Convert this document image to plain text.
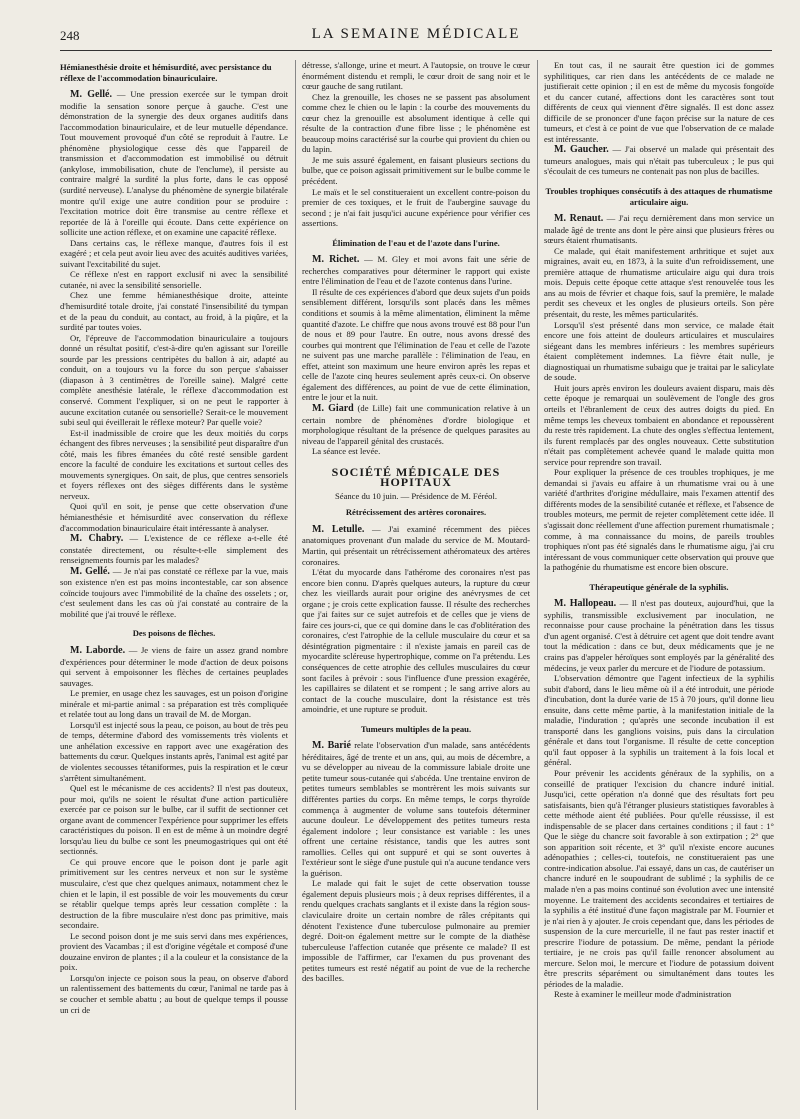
248	LA SEMAINE MÉDICALE

Hémianesthésie droite et hémisurdité, avec persistance du réflexe de l'accommodation binauriculaire.

M. Gellé. — Une pression exercée sur le tympan droit modifie la sensation sonore perçue à gauche. C'est une démonstration de la synergie des deux organes auditifs dans l'accommodation binauriculaire, et de leur mutuelle dépendance. Tout mouvement provoqué d'un côté se reproduit à l'autre. Le phénomène physiologique cesse dès que l'appareil de transmission et d'accommodation est immobilisé ou détruit (ankylose, immobilisation, chute de l'enclume), il persiste au contraire malgré la surdité la plus forte, dans le cas opposé (surdité nerveuse). L'analyse du phénomène de synergie bilatérale montre qu'il exige une autre condition pour se produire : l'excitation motrice doit être transmise au centre réflexe et reportée de là à l'oreille qui écoute. Dans cette expérience on sollicite une action réflexe, et on examine une capacité réflexe.

Dans certains cas, le réflexe manque, d'autres fois il est exagéré ; et cela peut avoir lieu avec des acuités auditives variées, suivant l'excitabilité du sujet.

Ce réflexe n'est en rapport exclusif ni avec la sensibilité cutanée, ni avec la sensibilité sensorielle.

Chez une femme hémianesthésique droite, atteinte d'hemisurdité totale droite, j'ai constaté l'insensibilité du tympan et de la peau du conduit, au contact, au froid, à la piqûre, et la surdité par toutes voies.

Or, l'épreuve de l'accommodation binauriculaire a toujours donné un résultat positif, c'est-à-dire qu'en agissant sur l'oreille sourde par les pressions centripètes du ballon à air, adapté au conduit, on a toujours vu la force du son perçue s'abaisser (diapason à 3 centimètres de l'oreille saine). Malgré cette complète anesthésie latérale, le réflexe d'accommodation est conservé. Comment l'expliquer, si on ne peut le rapporter à aucune excitation cutanée ou sensorielle? Serait-ce le mouvement subi seul qui éveillerait le réflexe moteur? Par quelle voie?

Est-il inadmissible de croire que les deux moitiés du corps échangent des fibres nerveuses ; la sensibilité peut disparaître d'un côté, mais les fibres émanées du côté resté sensible gardent encore la faculté de conduire les excitations et surtout celles des mouvements synergiques. On sait, de plus, que centres sensoriels et foyers réflexes ont des sièges différents dans le système nerveux.

Quoi qu'il en soit, je pense que cette observation d'une hémianesthésie et hémisurdité avec conservation du réflexe d'accommodation binauriculaire était intéressante à analyser.

M. Chabry. — L'existence de ce réflexe a-t-elle été constatée directement, ou résulte-t-elle simplement des renseignements fournis par les malades?

M. Gellé. — Je n'ai pas constaté ce réflexe par la vue, mais son existence n'en est pas moins incontestable, car son absence coïncide toujours avec l'immobilité de la chaîne des osselets ; or, c'est seulement dans les cas où j'ai constaté au contraire de la mobilité que j'ai trouvé le réflexe.

Des poisons de flèches.

M. Laborde. — Je viens de faire un assez grand nombre d'expériences pour déterminer le mode d'action de deux poisons qui servent à empoisonner les flèches de certaines peuplades sauvages.

Le premier, en usage chez les sauvages, est un poison d'origine minérale et mi-partie animal : sa préparation est très compliquée et relatée tout au long dans un travail de M. de Morgan.

Lorsqu'il est injecté sous la peau, ce poison, au bout de très peu de temps, détermine d'abord des vomissements très violents et une anhélation excessive en rapport avec une exagération des battements du cœur. Quelques instants après, l'animal est agité par de violentes secousses tétaniformes, puis la respiration et le cœur s'arrêtent simultanément.

Quel est le mécanisme de ces accidents? Il n'est pas douteux, pour moi, qu'ils ne soient le résultat d'une action particulière exercée par ce poison sur le bulbe, car il suffit de sectionner cet organe avant de commencer l'expérience pour supprimer les effets caractéristiques du poison. Il en est de même à un moindre degré lorsqu'au lieu du bulbe ce sont les pneumogastriques qui ont été sectionnés.

Ce qui prouve encore que le poison dont je parle agit primitivement sur les centres nerveux et non sur le système musculaire, c'est que chez quelques animaux, notamment chez le chien et le lapin, il est possible de voir les mouvements du cœur se rétablir quelque temps après leur cessation complète : la destruction de la fibre musculaire n'est donc pas primitive, mais secondaire.

Le second poison dont je me suis servi dans mes expériences, provient des Vacambas ; il est d'origine végétale et composé d'une douzaine environ de plantes ; il a la couleur et la consistance de la poix.

Lorsqu'on injecte ce poison sous la peau, on observe d'abord un ralentissement des battements du cœur, l'animal ne tarde pas à se coucher et semble abattu ; au bout de quelque temps il pousse un cri de

détresse, s'allonge, urine et meurt. A l'autopsie, on trouve le cœur énormément distendu et rempli, le cœur droit de sang noir et le cœur gauche de sang rutilant.

Chez la grenouille, les choses ne se passent pas absolument comme chez le chien ou le lapin : la courbe des mouvements du cœur chez la grenouille est absolument identique à celle qui résulte de la contraction d'une fibre lisse ; le phénomène est beaucoup moins caractérisé sur la courbe qui provient du chien ou du lapin.

Je me suis assuré également, en faisant plusieurs sections du bulbe, que ce poison agissait primitivement sur le bulbe comme le précédent.

Le maïs et le sel constitueraient un excellent contre-poison du premier de ces toxiques, et le fruit de l'aubergine sauvage du second ; je n'ai fait jusqu'ici aucune expérience pour vérifier ces assertions.

Élimination de l'eau et de l'azote dans l'urine.

M. Richet. — M. Gley et moi avons fait une série de recherches comparatives pour déterminer le rapport qui existe entre l'élimination de l'eau et de l'azote contenus dans l'urine.

Il résulte de ces expériences d'abord que deux sujets d'un poids sensiblement différent, lorsqu'ils sont placés dans les mêmes conditions et soumis à la même alimentation, éliminent la même quantité d'azote. Le chiffre que nous avons trouvé est 88 pour l'un de nous et 89 pour l'autre. En outre, nous avons dressé des courbes qui montrent que l'élimination de l'eau et celle de l'azote ne suivent pas une marche parallèle : l'élimination de l'eau, en effet, atteint son maximum une heure environ après les repas et celle de l'azote cinq heures seulement après ceux-ci. On observe également des différences, au point de vue de cette élimination, entre le jour et la nuit.

M. Giard (de Lille) fait une communication relative à un certain nombre de phénomènes d'ordre biologique et morphologique résultant de la présence de quelques parasites au niveau de l'appareil génital des crustacés.

La séance est levée.

SOCIÉTÉ MÉDICALE DES HOPITAUX

Séance du 10 juin. — Présidence de M. Féréol.

Rétrécissement des artères coronaires.

M. Letulle. — J'ai examiné récemment des pièces anatomiques provenant d'un malade du service de M. Moutard-Martin, qui présentait un rétrécissement athéromateux des artères coronaires.

L'état du myocarde dans l'athérome des coronaires n'est pas encore bien connu. D'après quelques auteurs, la rupture du cœur chez les vieillards aurait pour origine des anévrysmes de cet organe ; je crois cette explication fausse. Il résulte des recherches que j'ai faites sur ce sujet autrefois et de celles que je viens de faire ces jours-ci, que ce qui domine dans le cas d'oblitération des coronaires, c'est l'atrophie de la cellule musculaire du cœur et sa désintégration pigmentaire : il n'existe jamais en pareil cas de myocardite scléreuse hypertrophique, comme on l'a prétendu. Les conséquences de cette atrophie des cellules musculaires du cœur sont faciles à prévoir : sous l'influence d'une pression exagérée, les capillaires se dilatent et se rompent ; le sang arrive alors au contact de la couche musculaire, dont la résistance est très amoindrie, et une rupture se produit.

Tumeurs multiples de la peau.

M. Barié relate l'observation d'un malade, sans antécédents héréditaires, âgé de trente et un ans, qui, au mois de décembre, a vu se développer au niveau de la commissure labiale droite une petite tumeur sous-cutanée qui s'abcéda. Une trentaine environ de petites tumeurs semblables se montrèrent les mois suivants sur différentes parties du corps. En même temps, le corps thyroïde commença à augmenter de volume sans toutefois déterminer aucune douleur. Le développement des petites tumeurs resta également indolore ; leur consistance est variable : les unes offrent une certaine résistance, tandis que les autres sont ramollies. Celles qui ont suppuré et qui se sont ouvertes à l'extérieur sont le siège d'une pustule qui n'a aucune tendance vers la guérison.

Le malade qui fait le sujet de cette observation tousse également depuis plusieurs mois ; à deux reprises différentes, il a rendu quelques crachats sanglants et il existe dans la région sous-claviculaire droite un certain nombre de râles crépitants qui dénotent l'existence d'une tuberculose pulmonaire au premier degré. Doit-on également mettre sur le compte de la diathèse tuberculeuse l'affection cutanée que présente ce malade? Il est impossible de l'affirmer, car l'examen du pus provenant des petites tumeurs est resté négatif au point de vue de la recherche des bacilles.

En tout cas, il ne saurait être question ici de gommes syphilitiques, car rien dans les antécédents de ce malade ne justifierait cette opinion ; il en est de même du mycosis fongoïde et du cancer cutané, affections dont les caractères sont tout différents de ceux qui viennent d'être signalés. Il est donc assez difficile de se prononcer d'une façon précise sur la nature de ces tumeurs, et c'est à ce point de vue que l'observation de ce malade est intéressante.

M. Gaucher. — J'ai observé un malade qui présentait des tumeurs analogues, mais qui n'était pas tuberculeux ; le pus qui s'écoulait de ces tumeurs ne contenait pas non plus de bacilles.

Troubles trophiques consécutifs à des attaques de rhumatisme articulaire aigu.

M. Renaut. — J'ai reçu dernièrement dans mon service un malade âgé de trente ans dont le père ainsi que plusieurs frères ou sœurs étaient rhumatisants.

Ce malade, qui était manifestement arthritique et sujet aux migraines, avait eu, en 1873, à la suite d'un refroidissement, une première attaque de rhumatisme articulaire aigu qui dura trois mois. Depuis cette époque cette attaque s'est renouvelée tous les ans au mois de février et chaque fois, sauf la première, le malade perdit ses cheveux et les ongles de plusieurs orteils. Son père présentait, du reste, les mêmes particularités.

Lorsqu'il s'est présenté dans mon service, ce malade était encore une fois atteint de douleurs articulaires et musculaires siégeant dans les membres inférieurs : les membres supérieurs étaient complètement indemnes. La fièvre était nulle, je diagnostiquai un rhumatisme subaigu que je traitai par le salicylate de soude.

Huit jours après environ les douleurs avaient disparu, mais dès cette époque je remarquai un soulèvement de l'ongle des gros orteils et l'ébranlement de ceux des autres doigts du pied. En même temps les cheveux tombaient en abondance et repoussèrent du reste très rapidement. La chute des ongles s'effectua lentement, ils furent remplacés par des ongles nouveaux. Cette substitution n'était pas complètement achevée quand le malade quitta mon service pour reprendre son travail.

Pour expliquer la présence de ces troubles trophiques, je me demandai si j'avais eu affaire à un rhumatisme vrai ou à une variété d'arthrites d'origine médullaire, mais l'examen attentif des différents modes de la sensibilité cutanée et réflexe, et l'absence de troubles moteurs, me permit de rejeter complètement cette idée. Il s'agissait donc réellement d'une affection purement rhumatismale ; comme, à ma connaissance du moins, de pareils troubles trophiques n'ont pas été signalés dans le rhumatisme aigu, j'ai cru intéressant de vous communiquer cette observation qui prouve que la pathogénie du rhumatisme est encore bien obscure.

Thérapeutique générale de la syphilis.

M. Hallopeau. — Il n'est pas douteux, aujourd'hui, que la syphilis, transmissible exclusivement par inoculation, ne reconnaisse pour cause prochaine la pénétration dans les tissus d'un agent organisé. C'est à détruire cet agent que doit tendre avant tout la médication : dans ce but, deux médicaments que je ne crains pas d'appeler héroïques sont employés par la généralité des médecins, je veux parler du mercure et de l'iodure de potassium.

L'observation démontre que l'agent infectieux de la syphilis subit d'abord, dans le lieu même où il a été introduit, une période d'incubation, dont la durée varie de 15 à 70 jours, qu'il donne lieu ensuite, dans cette même partie, à la manifestation initiale de la maladie, l'induration ; qu'après une seconde incubation il est transporté dans les ganglions voisins, puis dans la circulation générale et dans tout l'organisme. Il résulte de cette conception qu'il faut opposer à la syphilis un traitement à la fois local et général.

Pour prévenir les accidents généraux de la syphilis, on a conseillé de pratiquer l'excision du chancre induré initial. Jusqu'ici, cette opération n'a donné que des résultats fort peu satisfaisants, bien qu'à l'étranger plusieurs statistiques favorables à cette méthode aient été publiées. Pour qu'elle réussisse, il est indispensable de se placer dans certaines conditions ; il faut : 1° Que le siège du chancre soit favorable à son extirpation ; 2° que son apparition soit récente, et 3° qu'il n'existe encore aucunes adénopathies ; celles-ci, toutefois, ne constitueraient pas une contre-indication absolue. J'ai essayé, dans un cas, de cautériser un chancre induré en le soupoudrant de sublimé ; la syphilis de ce malade n'en a pas moins continué son évolution avec une intensité moyenne. Le traitement des accidents secondaires et tertiaires de la syphilis a été institué d'une façon magistrale par M. Fournier et je n'ai rien à y ajouter. Je crois cependant que, dans les périodes de suspension de la cure mercurielle, il ne faut pas rester inactif et prescrire l'iodure de potassium. De même, pendant la période tertiaire, je ne crois pas qu'il faille renoncer absolument au mercure. Selon moi, le mercure et l'iodure de potassium doivent être prescrits séparément ou simultanément dans toutes les périodes de la maladie.

Reste à examiner le meilleur mode d'administration
